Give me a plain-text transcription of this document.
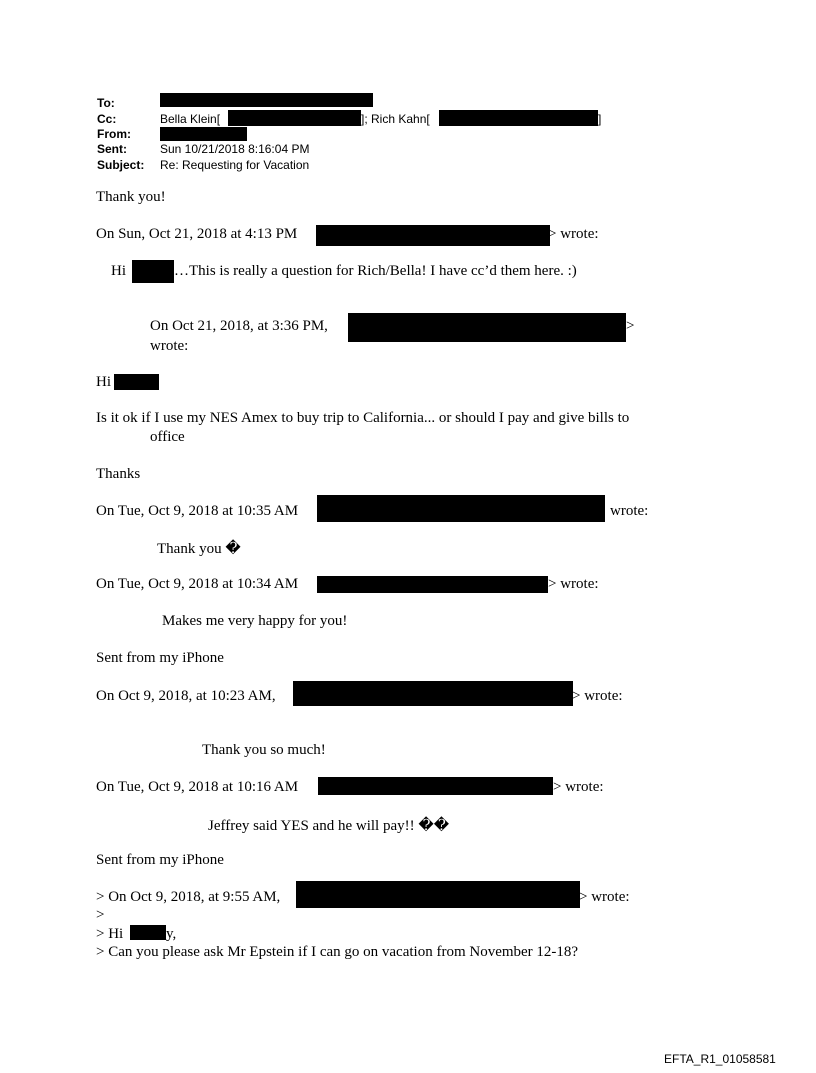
To:
Cc:	Bella Klein[	]; Rich Kahn[	]
From:
Sent:	Sun 10/21/2018 8:16:04 PM
Subject: Re: Requesting for Vacation
Thank you!
On Sun, Oct 21, 2018 at 4:13 PM	> wrote:
Hi	…This is really a question for Rich/Bella! I have cc’d them here. :)
On Oct 21, 2018, at 3:36 PM,	>
wrote:
Hi
Is it ok if I use my NES Amex to buy trip to California... or should I pay and give bills to
office
Thanks
On Tue, Oct 9, 2018 at 10:35 AM	wrote:
Thank you �
On Tue, Oct 9, 2018 at 10:34 AM	> wrote:
Makes me very happy for you!
Sent from my iPhone
On Oct 9, 2018, at 10:23 AM,	> wrote:
Thank you so much!
On Tue, Oct 9, 2018 at 10:16 AM	> wrote:
Jeffrey said YES and he will pay!! ��
Sent from my iPhone
> On Oct 9, 2018, at 9:55 AM,	> wrote:
>
> Hi	y,
> Can you please ask Mr Epstein if I can go on vacation from November 12-18?
EFTA_R1_01058581
